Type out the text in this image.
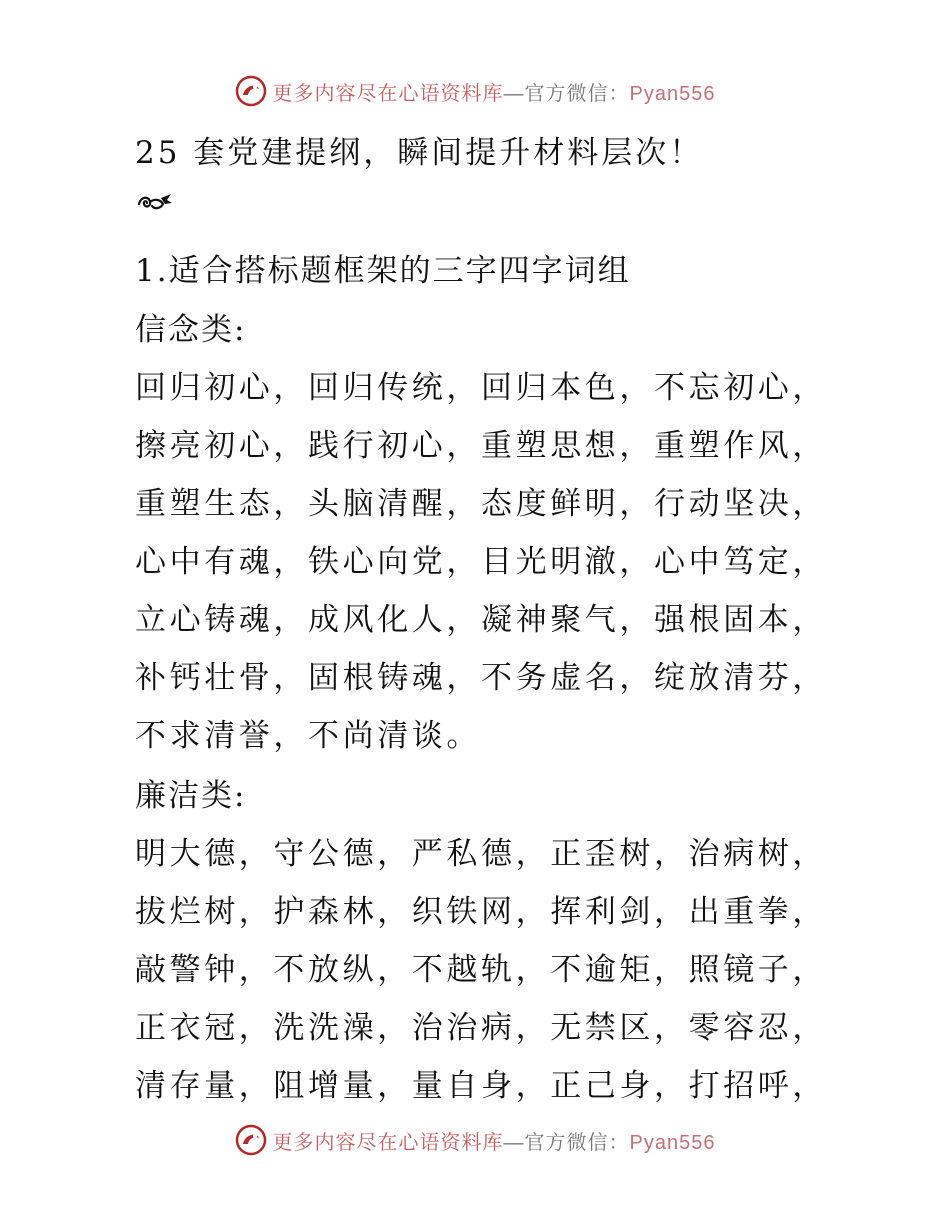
更多内容尽在心语资料库—官方微信：Pyan556
25 套党建提纲，瞬间提升材料层次！
1.适合搭标题框架的三字四字词组
信念类:
回归初心，回归传统，回归本色，不忘初心，
擦亮初心，践行初心，重塑思想，重塑作风，
重塑生态，头脑清醒，态度鲜明，行动坚决，
心中有魂，铁心向党，目光明澈，心中笃定，
立心铸魂，成风化人，凝神聚气，强根固本，
补钙壮骨，固根铸魂，不务虚名，绽放清芬，
不求清誉，不尚清谈。
廉洁类:
明大德，守公德，严私德，正歪树，治病树，
拔烂树，护森林，织铁网，挥利剑，出重拳，
敲警钟，不放纵，不越轨，不逾矩，照镜子，
正衣冠，洗洗澡，治治病，无禁区，零容忍，
清存量，阻增量，量自身，正己身，打招呼，
更多内容尽在心语资料库—官方微信：Pyan556
